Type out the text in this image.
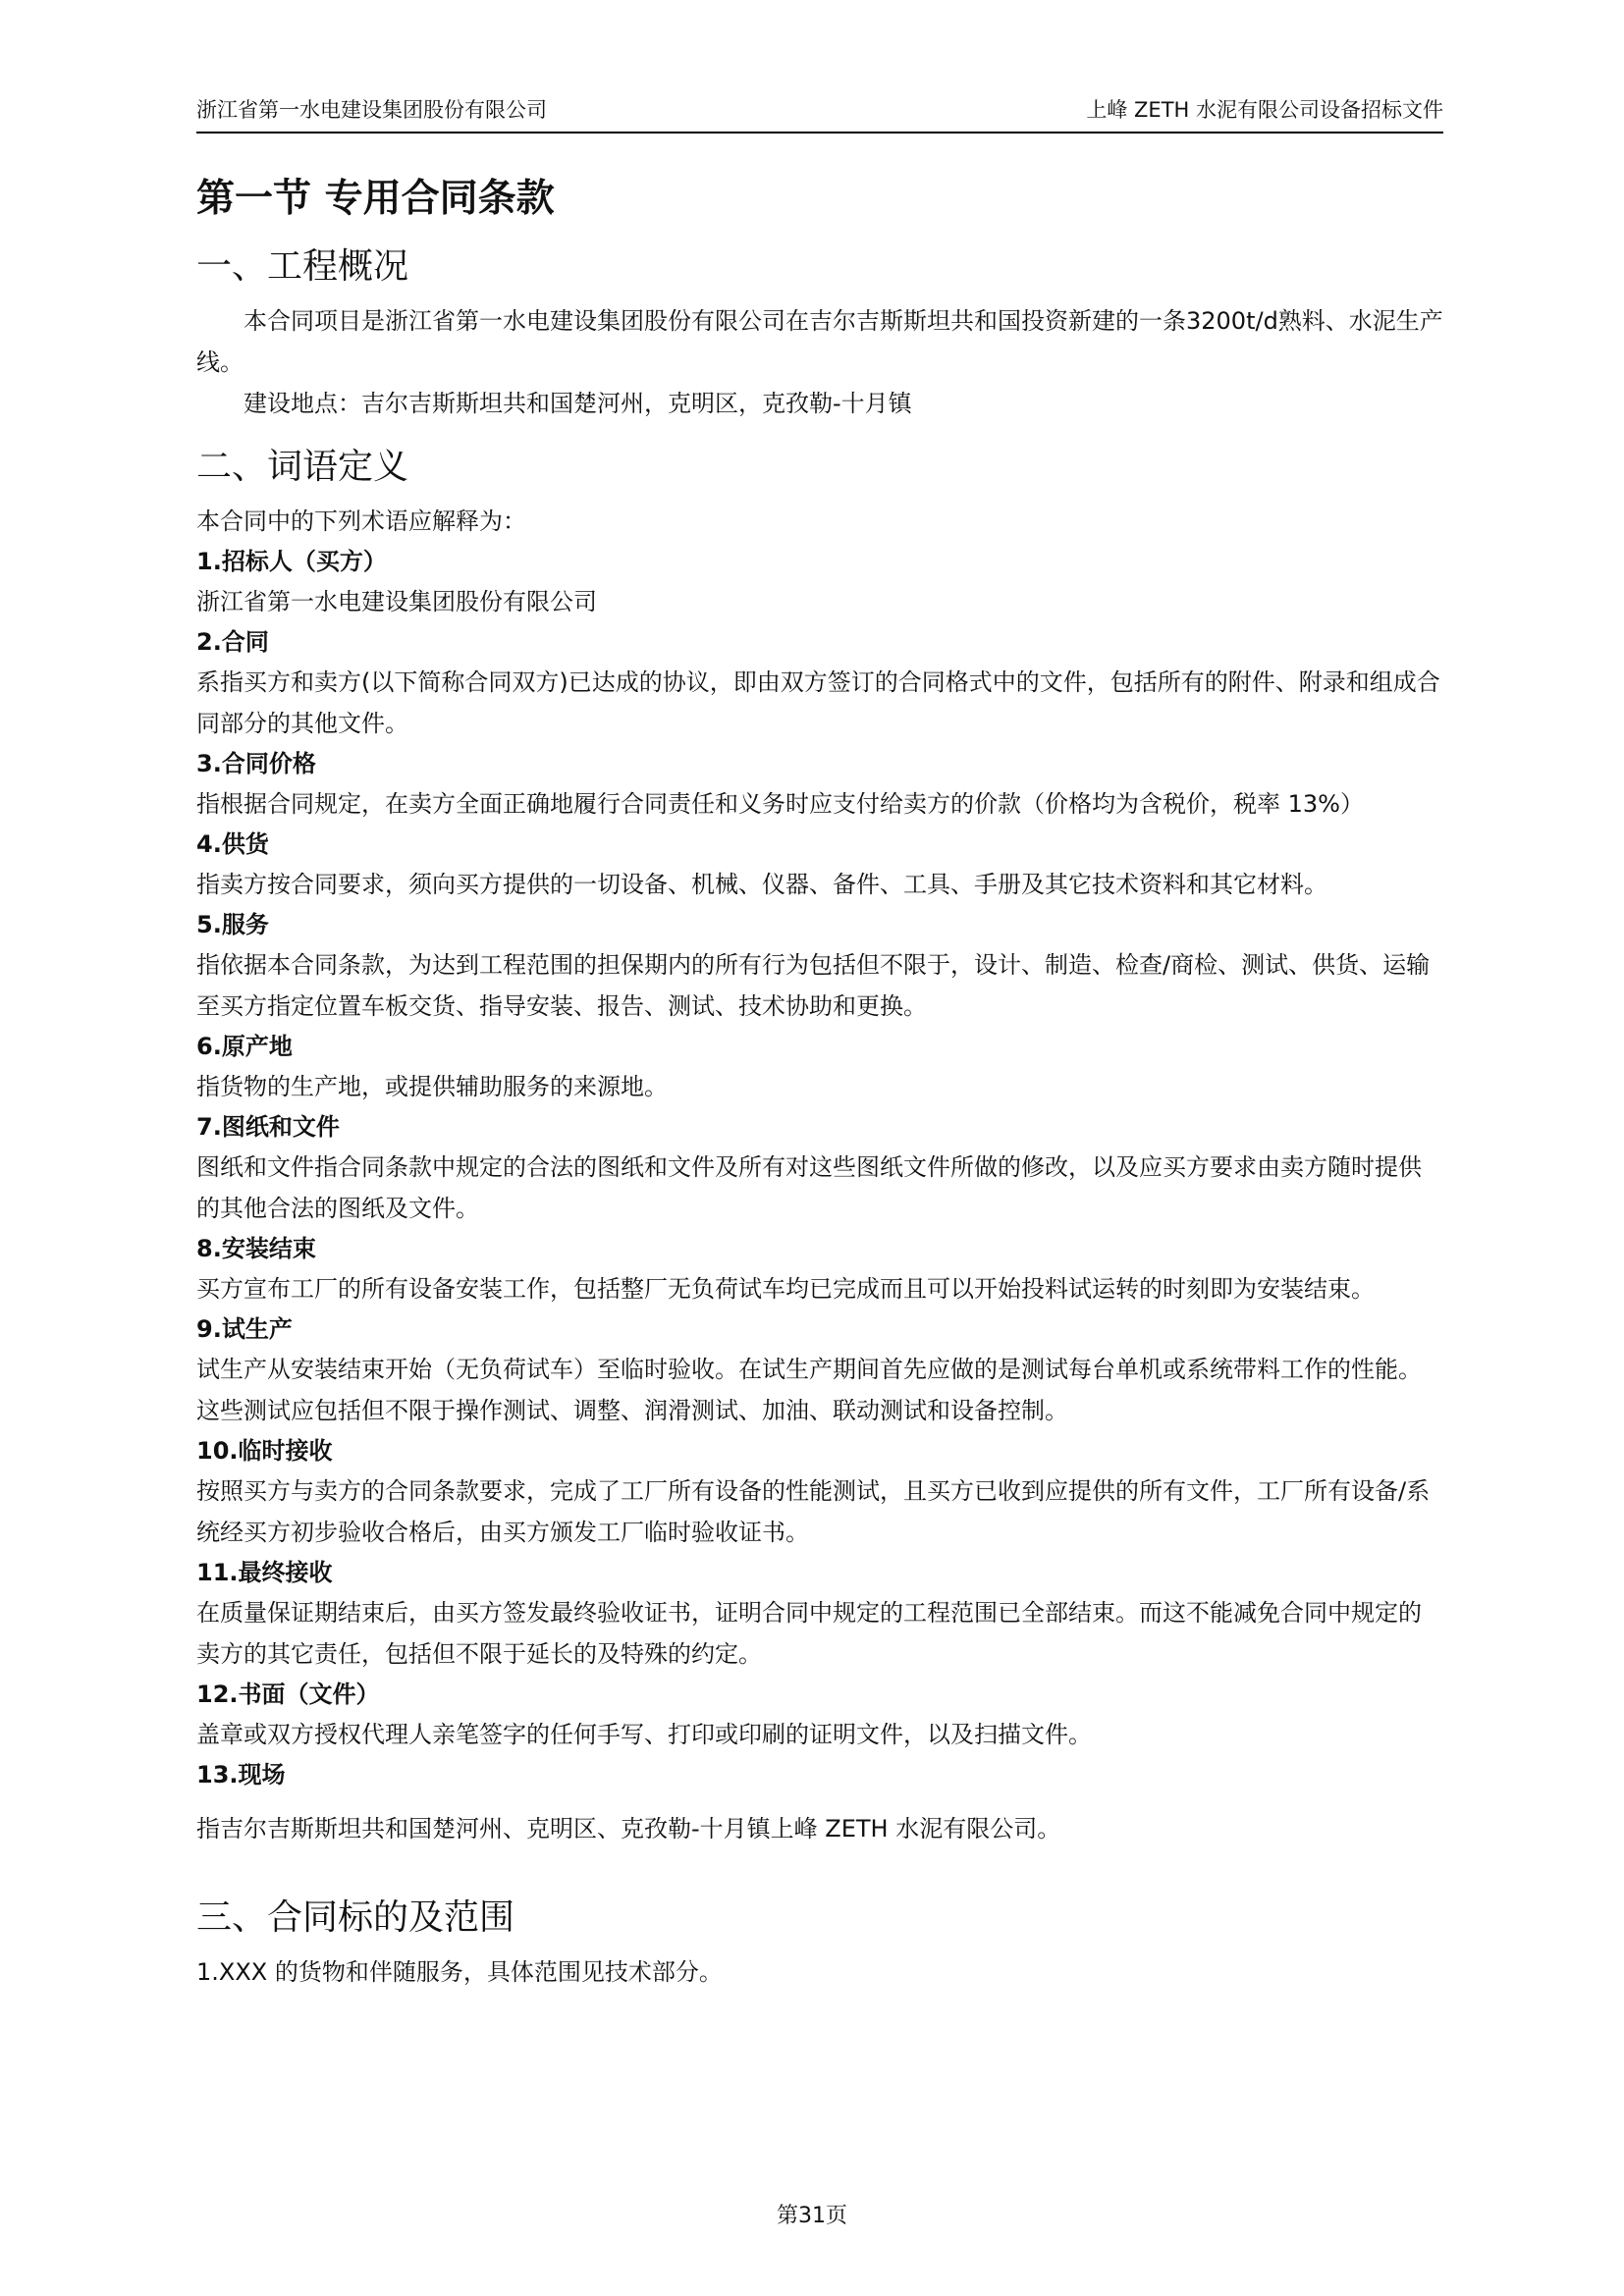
浙江省第一水电建设集团股份有限公司	上峰 ZETH 水泥有限公司设备招标文件
第一节 专用合同条款
一、工程概况

本合同项目是浙江省第一水电建设集团股份有限公司在吉尔吉斯斯坦共和国投资新建的一条3200t/d熟料、水泥生产线。

建设地点：吉尔吉斯斯坦共和国楚河州，克明区，克孜勒-十月镇

二、词语定义

本合同中的下列术语应解释为：

1.招标人（买方）

浙江省第一水电建设集团股份有限公司

2.合同

系指买方和卖方(以下简称合同双方)已达成的协议，即由双方签订的合同格式中的文件，包括所有的附件、附录和组成合同部分的其他文件。

3.合同价格

指根据合同规定，在卖方全面正确地履行合同责任和义务时应支付给卖方的价款（价格均为含税价，税率 13%）

4.供货

指卖方按合同要求，须向买方提供的一切设备、机械、仪器、备件、工具、手册及其它技术资料和其它材料。

5.服务

指依据本合同条款，为达到工程范围的担保期内的所有行为包括但不限于，设计、制造、检查/商检、测试、供货、运输至买方指定位置车板交货、指导安装、报告、测试、技术协助和更换。

6.原产地

指货物的生产地，或提供辅助服务的来源地。

7.图纸和文件

图纸和文件指合同条款中规定的合法的图纸和文件及所有对这些图纸文件所做的修改，以及应买方要求由卖方随时提供的其他合法的图纸及文件。

8.安装结束

买方宣布工厂的所有设备安装工作，包括整厂无负荷试车均已完成而且可以开始投料试运转的时刻即为安装结束。

9.试生产

试生产从安装结束开始（无负荷试车）至临时验收。在试生产期间首先应做的是测试每台单机或系统带料工作的性能。这些测试应包括但不限于操作测试、调整、润滑测试、加油、联动测试和设备控制。

10.临时接收

按照买方与卖方的合同条款要求，完成了工厂所有设备的性能测试，且买方已收到应提供的所有文件，工厂所有设备/系统经买方初步验收合格后，由买方颁发工厂临时验收证书。

11.最终接收

在质量保证期结束后，由买方签发最终验收证书，证明合同中规定的工程范围已全部结束。而这不能减免合同中规定的卖方的其它责任，包括但不限于延长的及特殊的约定。

12.书面（文件）

盖章或双方授权代理人亲笔签字的任何手写、打印或印刷的证明文件，以及扫描文件。

13.现场

指吉尔吉斯斯坦共和国楚河州、克明区、克孜勒-十月镇上峰 ZETH 水泥有限公司。

三、合同标的及范围

1.XXX 的货物和伴随服务，具体范围见技术部分。

第31页
